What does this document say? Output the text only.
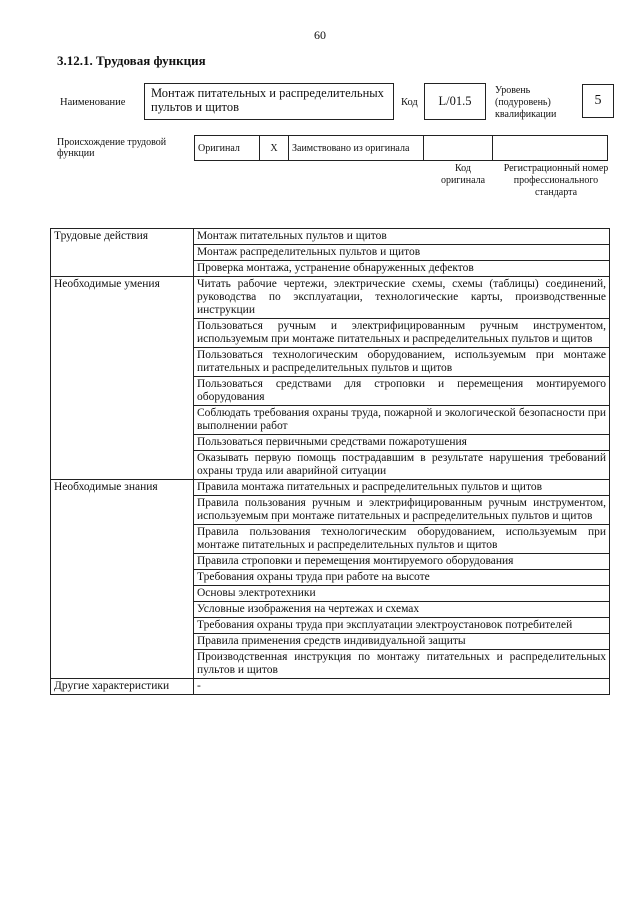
60
3.12.1. Трудовая функция
Наименование
Монтаж питательных и распределительных пультов и щитов	Код	L/01.5
Уровень (подуровень) квалификации
5
Происхождение трудовой функции	Оригинал	X	Заимствовано из оригинала		
Код оригинала
Регистрационный номер профессионального стандарта
Трудовые действия	Монтаж питательных пультов и щитов
	Монтаж распределительных пультов и щитов
	Проверка монтажа, устранение обнаруженных дефектов
Необходимые умения	Читать рабочие чертежи, электрические схемы, схемы (таблицы) соединений, руководства по эксплуатации, технологические карты, производственные инструкции
	Пользоваться ручным и электрифицированным ручным инструментом, используемым при монтаже питательных и распределительных пультов и щитов
	Пользоваться технологическим оборудованием, используемым при монтаже питательных и распределительных пультов и щитов
	Пользоваться средствами для строповки и перемещения монтируемого оборудования
	Соблюдать требования охраны труда, пожарной и экологической безопасности при выполнении работ
	Пользоваться первичными средствами пожаротушения
	Оказывать первую помощь пострадавшим в результате нарушения требований охраны труда или аварийной ситуации
Необходимые знания	Правила монтажа питательных и распределительных пультов и щитов
	Правила пользования ручным и электрифицированным ручным инструментом, используемым при монтаже питательных и распределительных пультов и щитов
	Правила пользования технологическим оборудованием, используемым при монтаже питательных и распределительных пультов и щитов
	Правила строповки и перемещения монтируемого оборудования
	Требования охраны труда при работе на высоте
	Основы электротехники
	Условные изображения на чертежах и схемах
	Требования охраны труда при эксплуатации электроустановок потребителей
	Правила применения средств индивидуальной защиты
	Производственная инструкция по монтажу питательных и распределительных пультов и щитов
Другие характеристики	-
